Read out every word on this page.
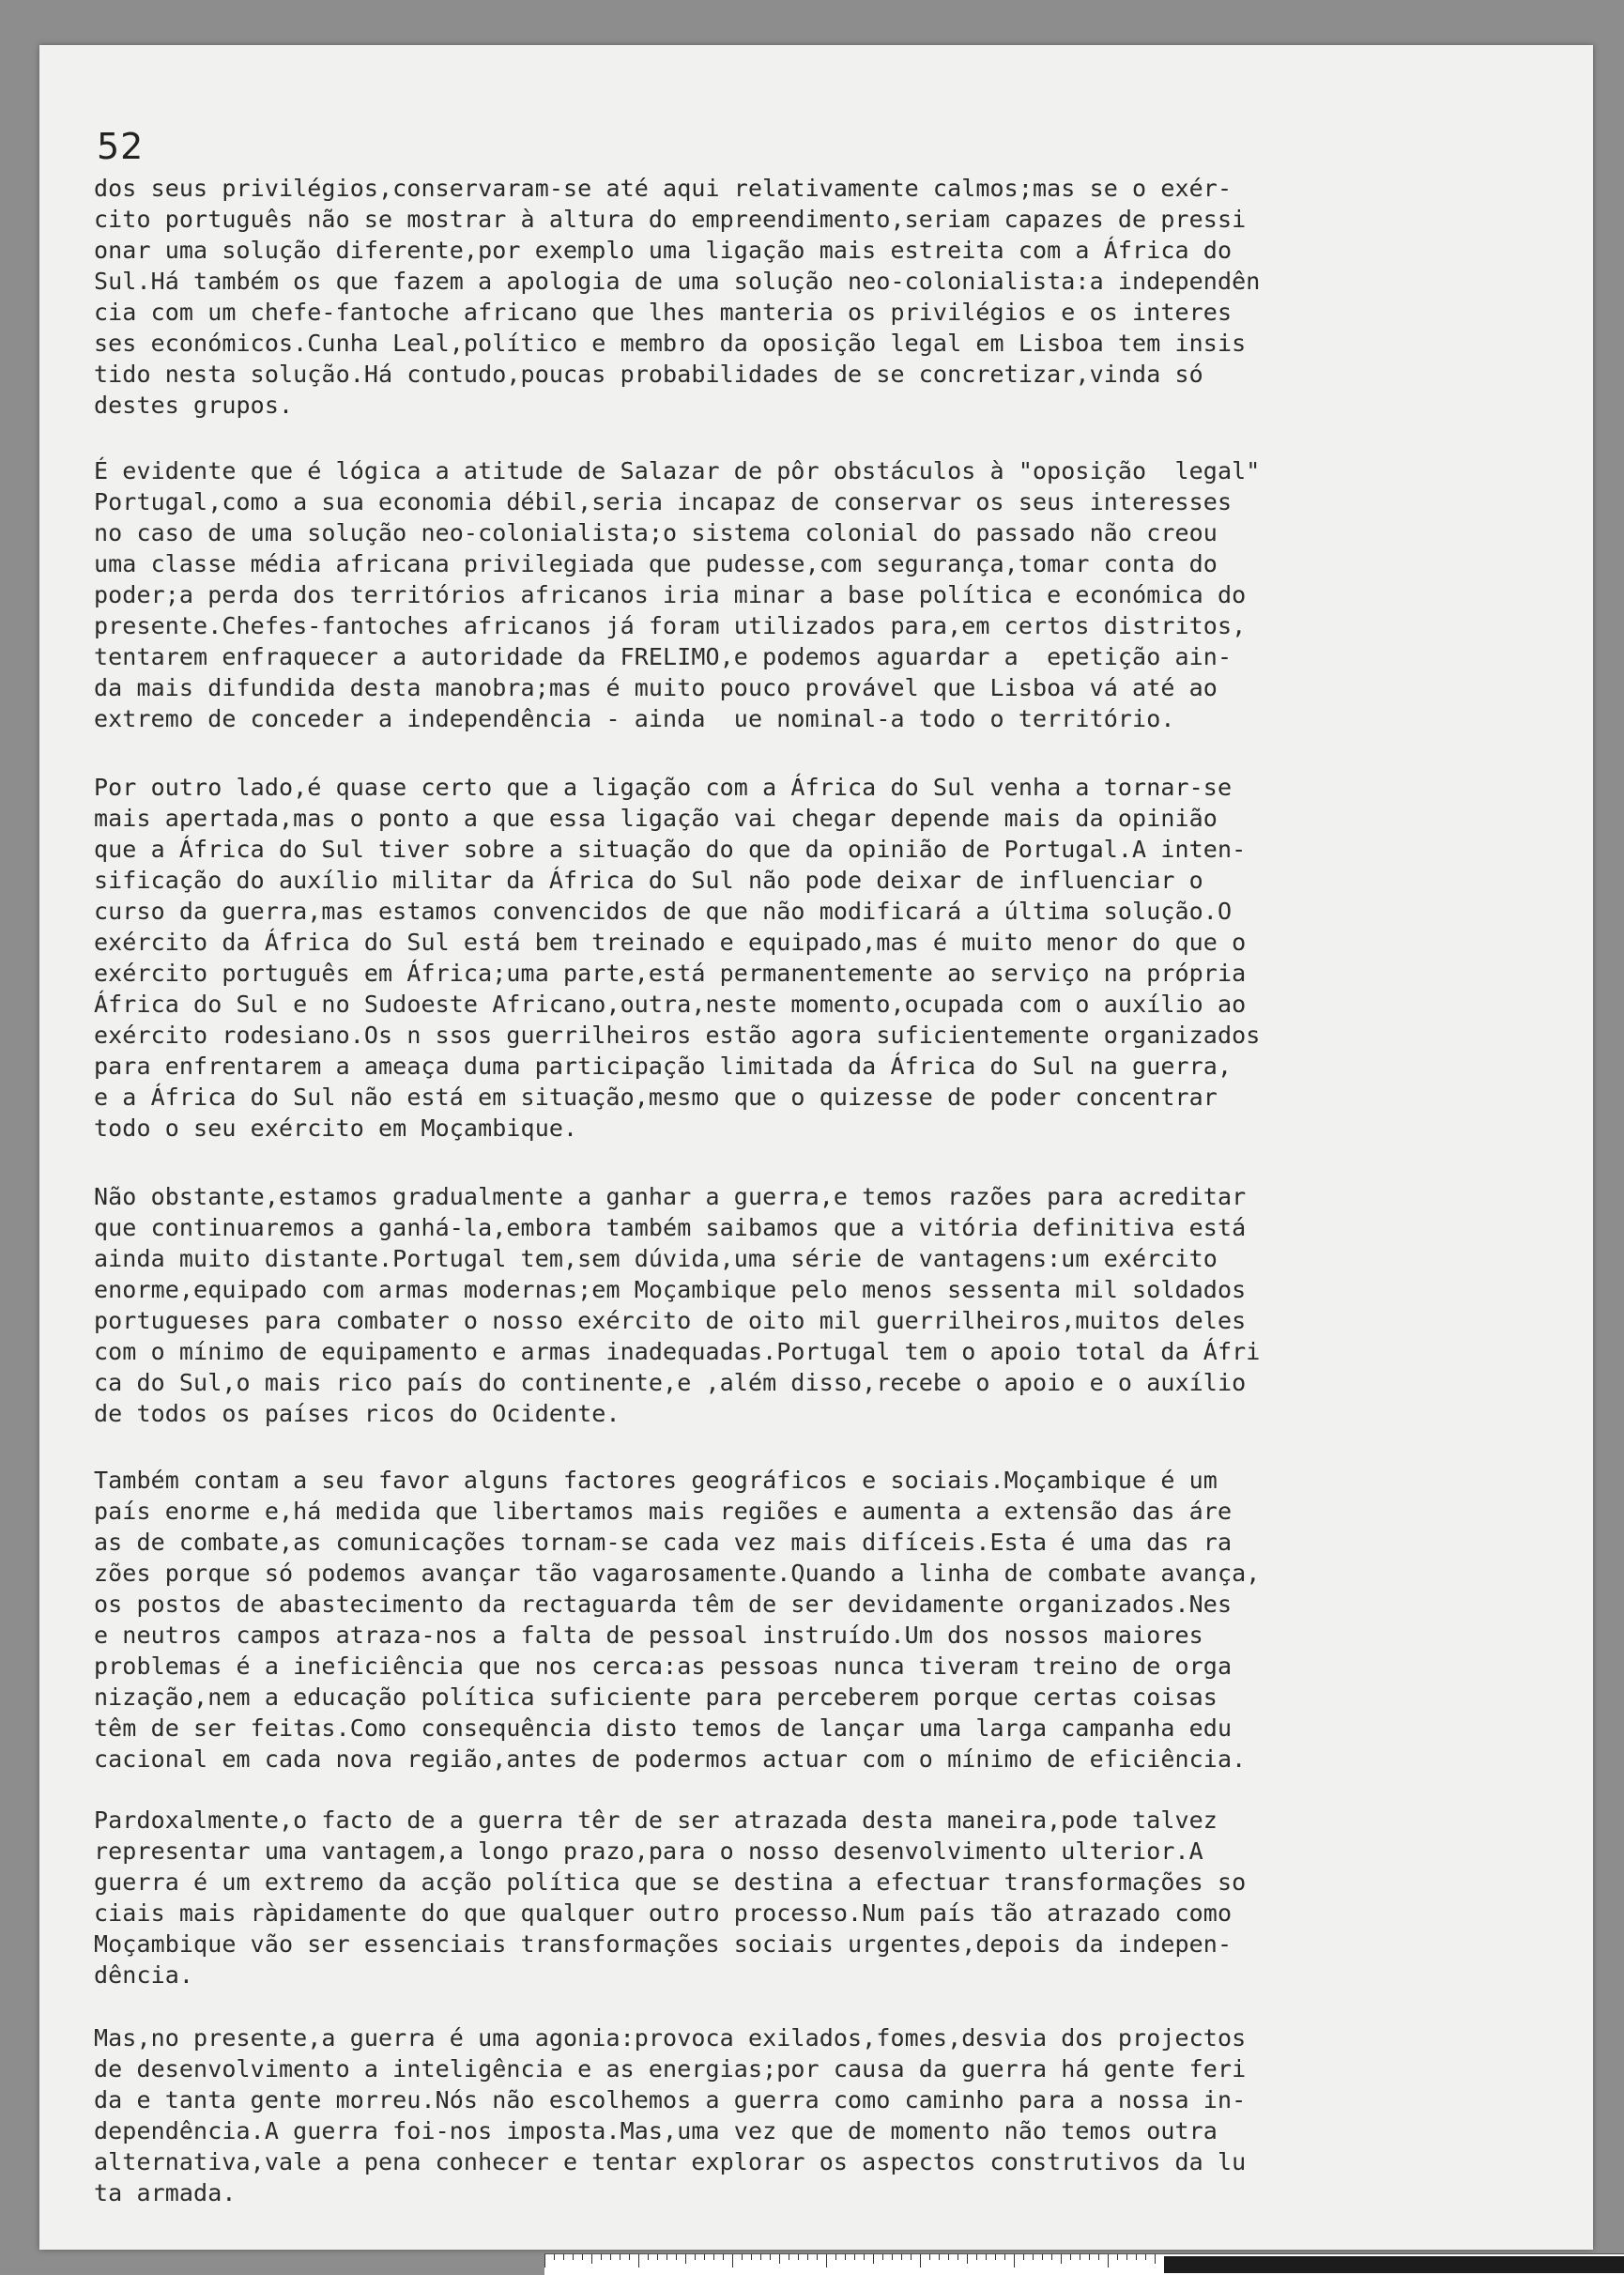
52
dos seus privilégios,conservaram-se até aqui relativamente calmos;mas se o exér-
cito português não se mostrar à altura do empreendimento,seriam capazes de pressi
onar uma solução diferente,por exemplo uma ligação mais estreita com a África do
Sul.Há também os que fazem a apologia de uma solução neo-colonialista:a independên
cia com um chefe-fantoche africano que lhes manteria os privilégios e os interes
ses económicos.Cunha Leal,político e membro da oposição legal em Lisboa tem insis
tido nesta solução.Há contudo,poucas probabilidades de se concretizar,vinda só
destes grupos.
É evidente que é lógica a atitude de Salazar de pôr obstáculos à "oposição  legal"
Portugal,como a sua economia débil,seria incapaz de conservar os seus interesses
no caso de uma solução neo-colonialista;o sistema colonial do passado não creou
uma classe média africana privilegiada que pudesse,com segurança,tomar conta do
poder;a perda dos territórios africanos iria minar a base política e económica do
presente.Chefes-fantoches africanos já foram utilizados para,em certos distritos,
tentarem enfraquecer a autoridade da FRELIMO,e podemos aguardar a  epetição ain-
da mais difundida desta manobra;mas é muito pouco provável que Lisboa vá até ao
extremo de conceder a independência - ainda  ue nominal-a todo o território.
Por outro lado,é quase certo que a ligação com a África do Sul venha a tornar-se
mais apertada,mas o ponto a que essa ligação vai chegar depende mais da opinião
que a África do Sul tiver sobre a situação do que da opinião de Portugal.A inten-
sificação do auxílio militar da África do Sul não pode deixar de influenciar o
curso da guerra,mas estamos convencidos de que não modificará a última solução.O
exército da África do Sul está bem treinado e equipado,mas é muito menor do que o
exército português em África;uma parte,está permanentemente ao serviço na própria
África do Sul e no Sudoeste Africano,outra,neste momento,ocupada com o auxílio ao
exército rodesiano.Os n ssos guerrilheiros estão agora suficientemente organizados
para enfrentarem a ameaça duma participação limitada da África do Sul na guerra,
e a África do Sul não está em situação,mesmo que o quizesse de poder concentrar
todo o seu exército em Moçambique.
Não obstante,estamos gradualmente a ganhar a guerra,e temos razões para acreditar
que continuaremos a ganhá-la,embora também saibamos que a vitória definitiva está
ainda muito distante.Portugal tem,sem dúvida,uma série de vantagens:um exército
enorme,equipado com armas modernas;em Moçambique pelo menos sessenta mil soldados
portugueses para combater o nosso exército de oito mil guerrilheiros,muitos deles
com o mínimo de equipamento e armas inadequadas.Portugal tem o apoio total da Áfri
ca do Sul,o mais rico país do continente,e ,além disso,recebe o apoio e o auxílio
de todos os países ricos do Ocidente.
Também contam a seu favor alguns factores geográficos e sociais.Moçambique é um
país enorme e,há medida que libertamos mais regiões e aumenta a extensão das áre
as de combate,as comunicações tornam-se cada vez mais difíceis.Esta é uma das ra
zões porque só podemos avançar tão vagarosamente.Quando a linha de combate avança,
os postos de abastecimento da rectaguarda têm de ser devidamente organizados.Nes
e neutros campos atraza-nos a falta de pessoal instruído.Um dos nossos maiores
problemas é a ineficiência que nos cerca:as pessoas nunca tiveram treino de orga
nização,nem a educação política suficiente para perceberem porque certas coisas
têm de ser feitas.Como consequência disto temos de lançar uma larga campanha edu
cacional em cada nova região,antes de podermos actuar com o mínimo de eficiência.
Pardoxalmente,o facto de a guerra têr de ser atrazada desta maneira,pode talvez
representar uma vantagem,a longo prazo,para o nosso desenvolvimento ulterior.A
guerra é um extremo da acção política que se destina a efectuar transformações so
ciais mais ràpidamente do que qualquer outro processo.Num país tão atrazado como
Moçambique vão ser essenciais transformações sociais urgentes,depois da indepen-
dência.
Mas,no presente,a guerra é uma agonia:provoca exilados,fomes,desvia dos projectos
de desenvolvimento a inteligência e as energias;por causa da guerra há gente feri
da e tanta gente morreu.Nós não escolhemos a guerra como caminho para a nossa in-
dependência.A guerra foi-nos imposta.Mas,uma vez que de momento não temos outra
alternativa,vale a pena conhecer e tentar explorar os aspectos construtivos da lu
ta armada.
